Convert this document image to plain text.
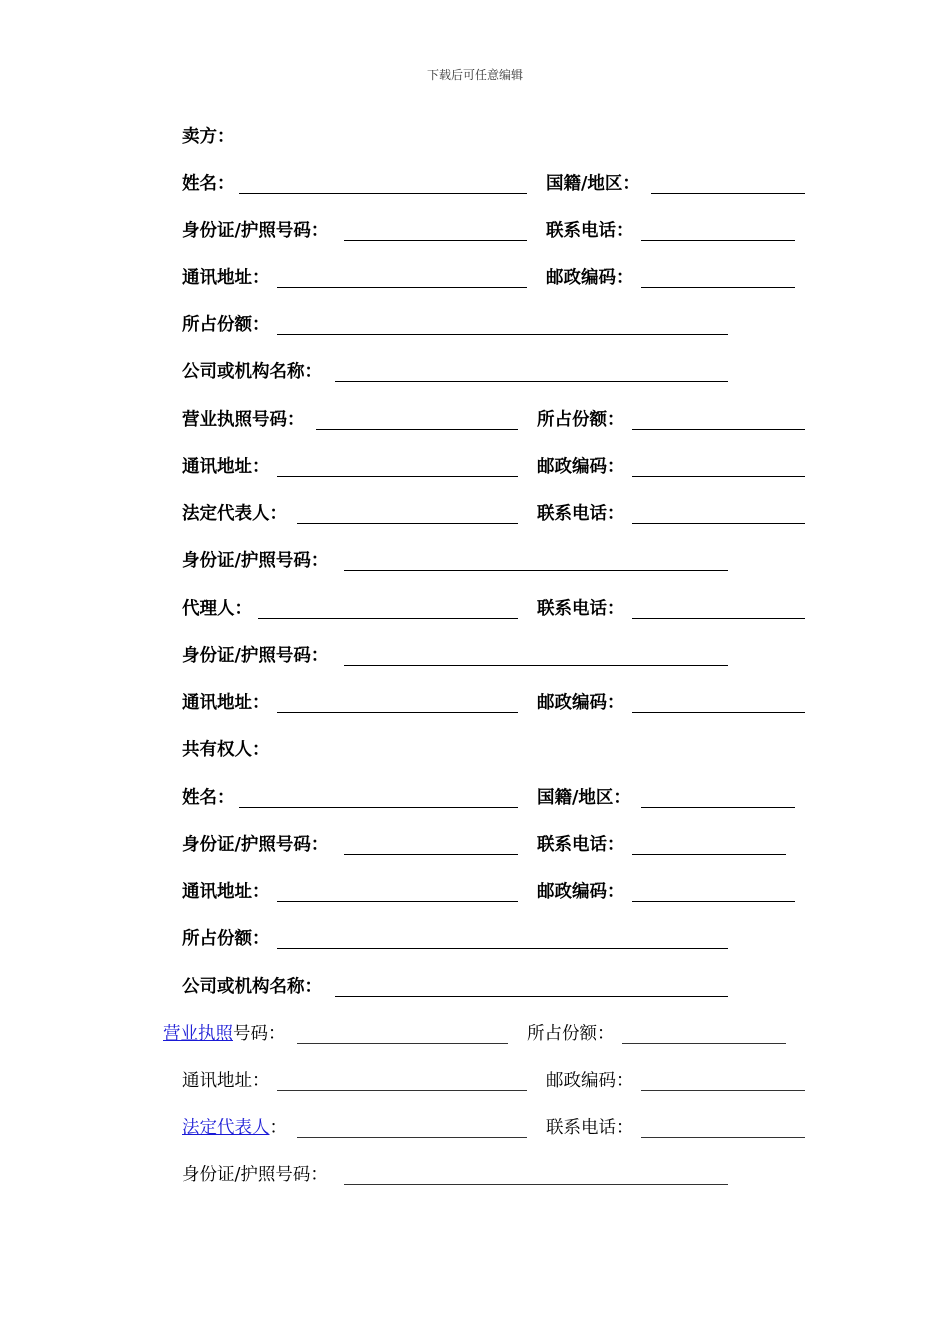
下载后可任意编辑
卖方：
姓名：	国籍/地区：
身份证/护照号码：	联系电话：
通讯地址：	邮政编码：
所占份额：
公司或机构名称：
营业执照号码：	所占份额：
通讯地址：	邮政编码：
法定代表人：	联系电话：
身份证/护照号码：
代理人：	联系电话：
身份证/护照号码：
通讯地址：	邮政编码：
共有权人：
姓名：	国籍/地区：
身份证/护照号码：	联系电话：
通讯地址：	邮政编码：
所占份额：
公司或机构名称：
营业执照号码：	所占份额：
通讯地址：	邮政编码：
法定代表人：	联系电话：
身份证/护照号码：
